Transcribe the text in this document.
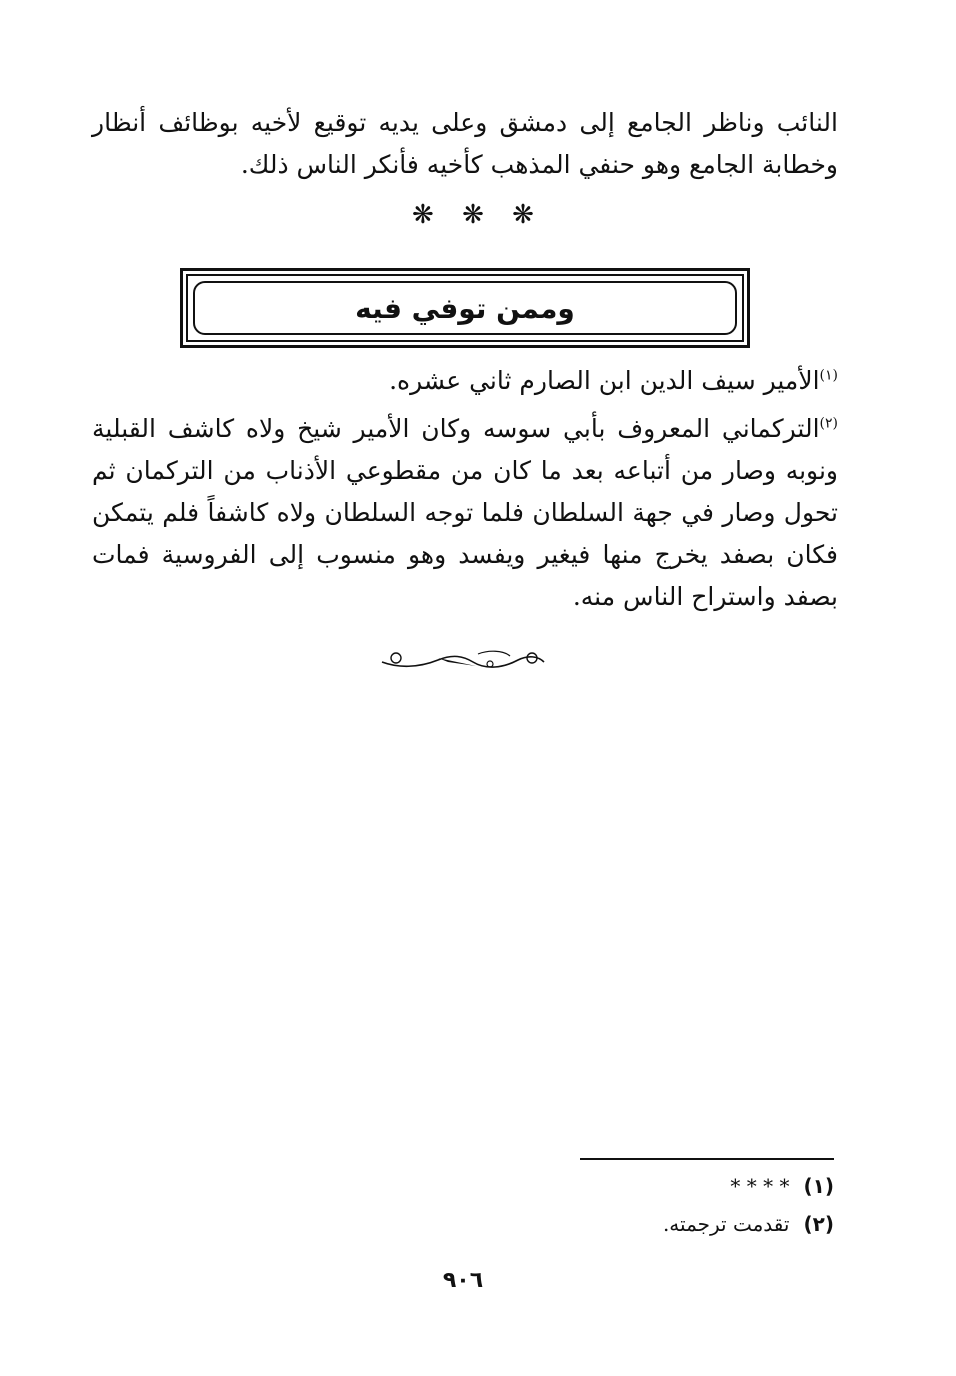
النائب وناظر الجامع إلى دمشق وعلى يديه توقيع لأخيه بوظائف أنظار وخطابة الجامع وهو حنفي المذهب كأخيه فأنكر الناس ذلك.

❋ ❋ ❋
وممن توفي فيه

$^{(١)}$الأمير سيف الدين ابن الصارم ثاني عشره.

$^{(٢)}$التركماني المعروف بأبي سوسه وكان الأمير شيخ ولاه كاشف القبلية ونوبه وصار من أتباعه بعد ما كان من مقطوعي الأذناب من التركمان ثم تحول وصار في جهة السلطان فلما توجه السلطان ولاه كاشفاً فلم يتمكن فكان بصفد يخرج منها فيغير ويفسد وهو منسوب إلى الفروسية فمات بصفد واستراح الناس منه.

(١)* * * *
(٢)تقدمت ترجمته.
٩٠٦
